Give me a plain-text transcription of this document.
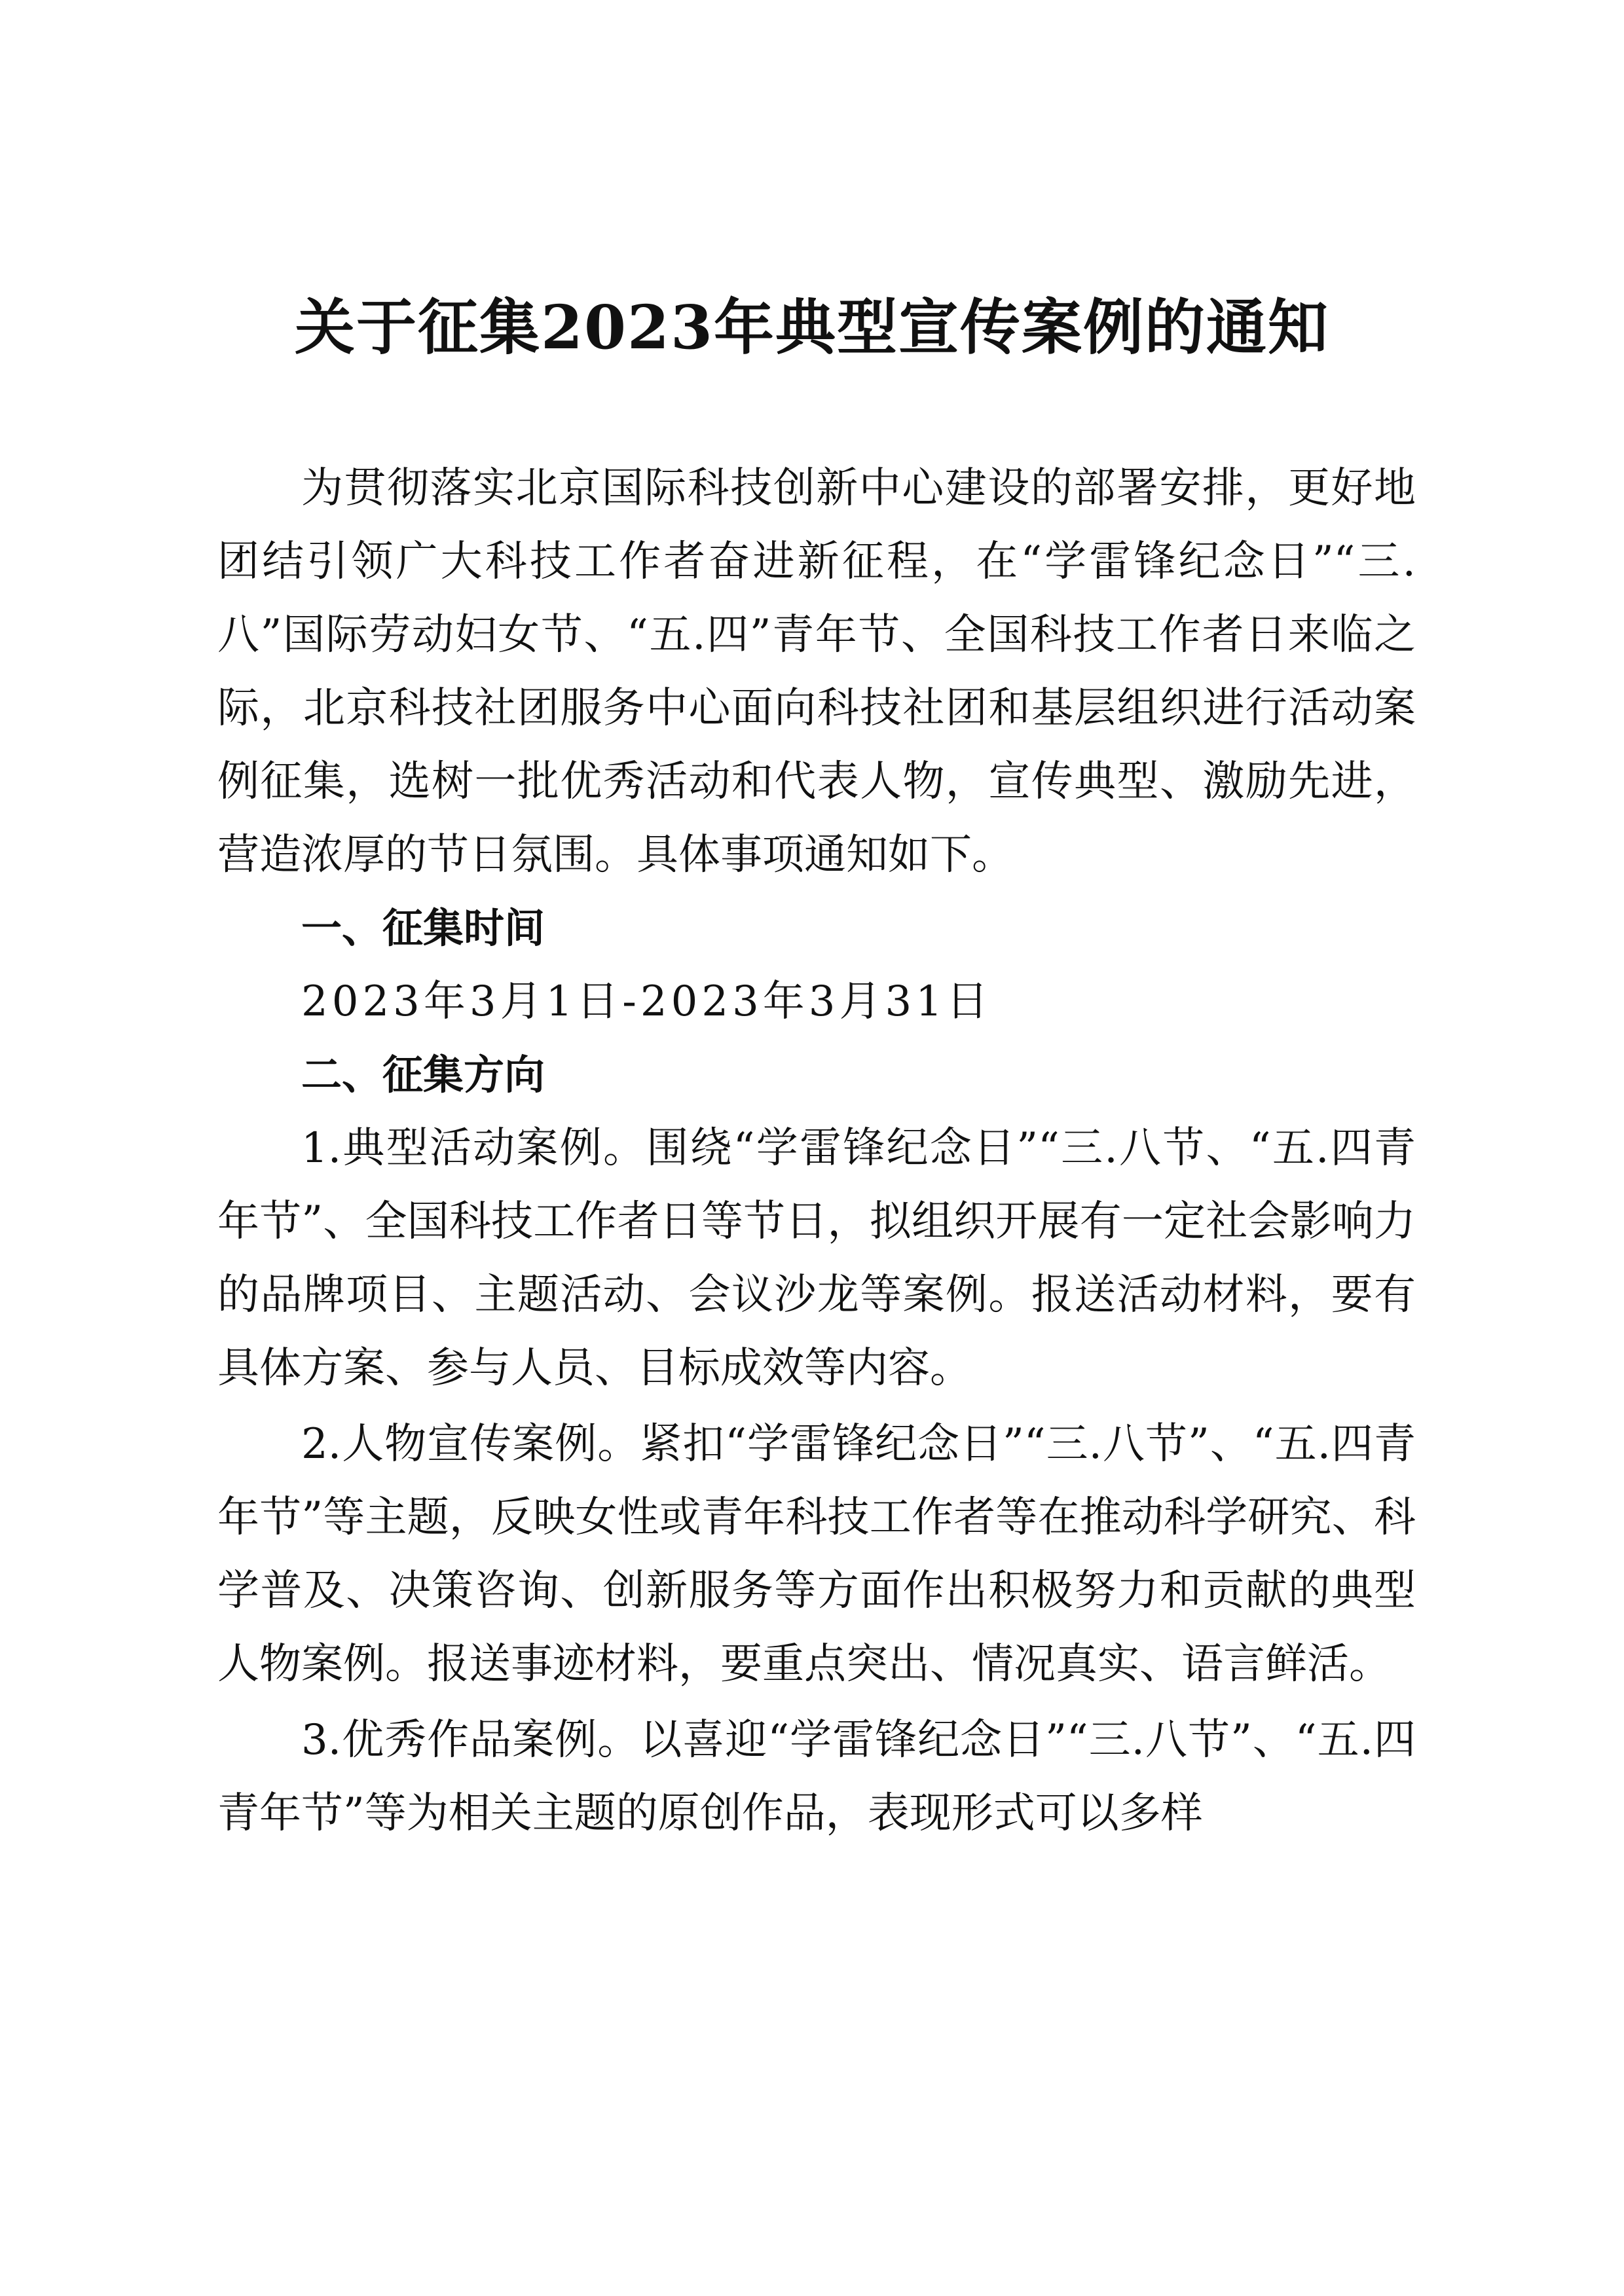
关于征集2023年典型宣传案例的通知

为贯彻落实北京国际科技创新中心建设的部署安排，更好地团结引领广大科技工作者奋进新征程，在“学雷锋纪念日”“三.八”国际劳动妇女节、“五.四”青年节、全国科技工作者日来临之际，北京科技社团服务中心面向科技社团和基层组织进行活动案例征集，选树一批优秀活动和代表人物，宣传典型、激励先进，营造浓厚的节日氛围。具体事项通知如下。

一、征集时间

2023年3月1日-2023年3月31日

二、征集方向

1.典型活动案例。围绕“学雷锋纪念日”“三.八节、“五.四青年节”、全国科技工作者日等节日，拟组织开展有一定社会影响力的品牌项目、主题活动、会议沙龙等案例。报送活动材料，要有具体方案、参与人员、目标成效等内容。

2.人物宣传案例。紧扣“学雷锋纪念日”“三.八节”、“五.四青年节”等主题，反映女性或青年科技工作者等在推动科学研究、科学普及、决策咨询、创新服务等方面作出积极努力和贡献的典型人物案例。报送事迹材料，要重点突出、情况真实、语言鲜活。

3.优秀作品案例。以喜迎“学雷锋纪念日”“三.八节”、“五.四青年节”等为相关主题的原创作品，表现形式可以多样
